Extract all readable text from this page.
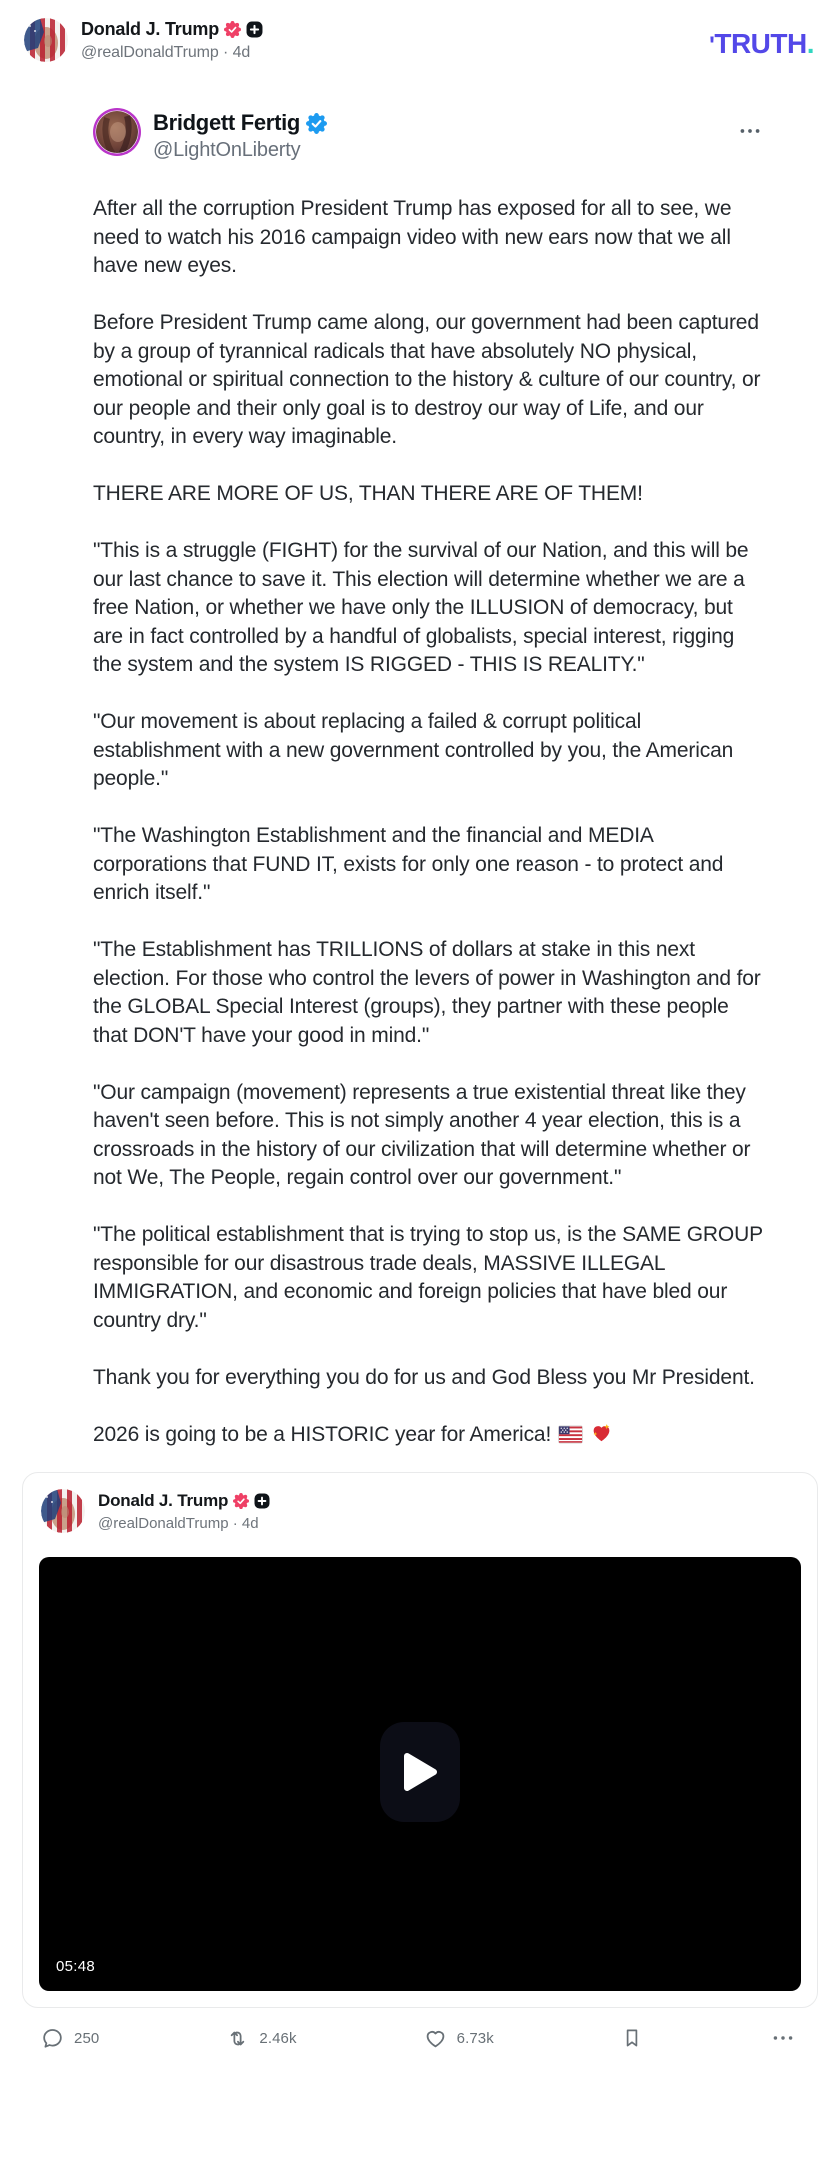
Donald J. Trump
@realDonaldTrump · 4d	'TRUTH.
Bridgett Fertig
@LightOnLiberty

After all the corruption President Trump has exposed for all to see, we need to watch his 2016 campaign video with new ears now that we all have new eyes.

Before President Trump came along, our government had been captured by a group of tyrannical radicals that have absolutely NO physical, emotional or spiritual connection to the history & culture of our country, or our people and their only goal is to destroy our way of Life, and our country, in every way imaginable.

THERE ARE MORE OF US, THAN THERE ARE OF THEM!

"This is a struggle (FIGHT) for the survival of our Nation, and this will be our last chance to save it. This election will determine whether we are a free Nation, or whether we have only the ILLUSION of democracy, but are in fact controlled by a handful of globalists, special interest, rigging the system and the system IS RIGGED - THIS IS REALITY."

"Our movement is about replacing a failed & corrupt political establishment with a new government controlled by you, the American people."

"The Washington Establishment and the financial and MEDIA corporations that FUND IT, exists for only one reason - to protect and enrich itself."

"The Establishment has TRILLIONS of dollars at stake in this next election. For those who control the levers of power in Washington and for the GLOBAL Special Interest (groups), they partner with these people that DON'T have your good in mind."

"Our campaign (movement) represents a true existential threat like they haven't seen before. This is not simply another 4 year election, this is a crossroads in the history of our civilization that will determine whether or not We, The People, regain control over our government."

"The political establishment that is trying to stop us, is the SAME GROUP responsible for our disastrous trade deals, MASSIVE ILLEGAL IMMIGRATION, and economic and foreign policies that have bled our country dry."

Thank you for everything you do for us and God Bless you Mr President.

2026 is going to be a HISTORIC year for America!

Donald J. Trump
@realDonaldTrump · 4d
05:48
250	2.46k	6.73k
